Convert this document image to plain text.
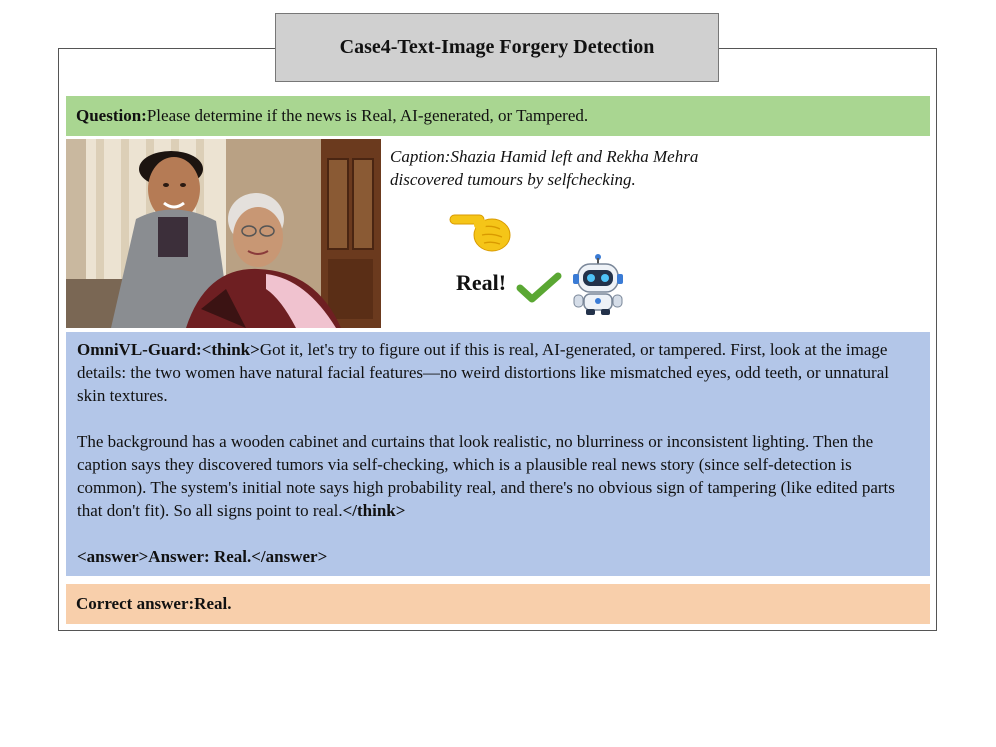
Case4-Text-Image Forgery Detection
Question:Please determine if the news is Real, AI-generated, or Tampered.
Caption:Shazia Hamid left and Rekha Mehra
discovered tumours by selfchecking.
Real!

OmniVL-Guard:<think>Got it, let's try to figure out if this is real, AI-generated, or tampered. First, look at the image details: the two women have natural facial features—no weird distortions like mismatched eyes, odd teeth, or unnatural skin textures.

The background has a wooden cabinet and curtains that look realistic, no blurriness or inconsistent lighting. Then the caption says they discovered tumors via self-checking, which is a plausible real news story (since self-detection is common). The system's initial note says high probability real, and there's no obvious sign of tampering (like edited parts that don't fit). So all signs point to real.</think>

<answer>Answer: Real.</answer>

Correct answer: Real.
